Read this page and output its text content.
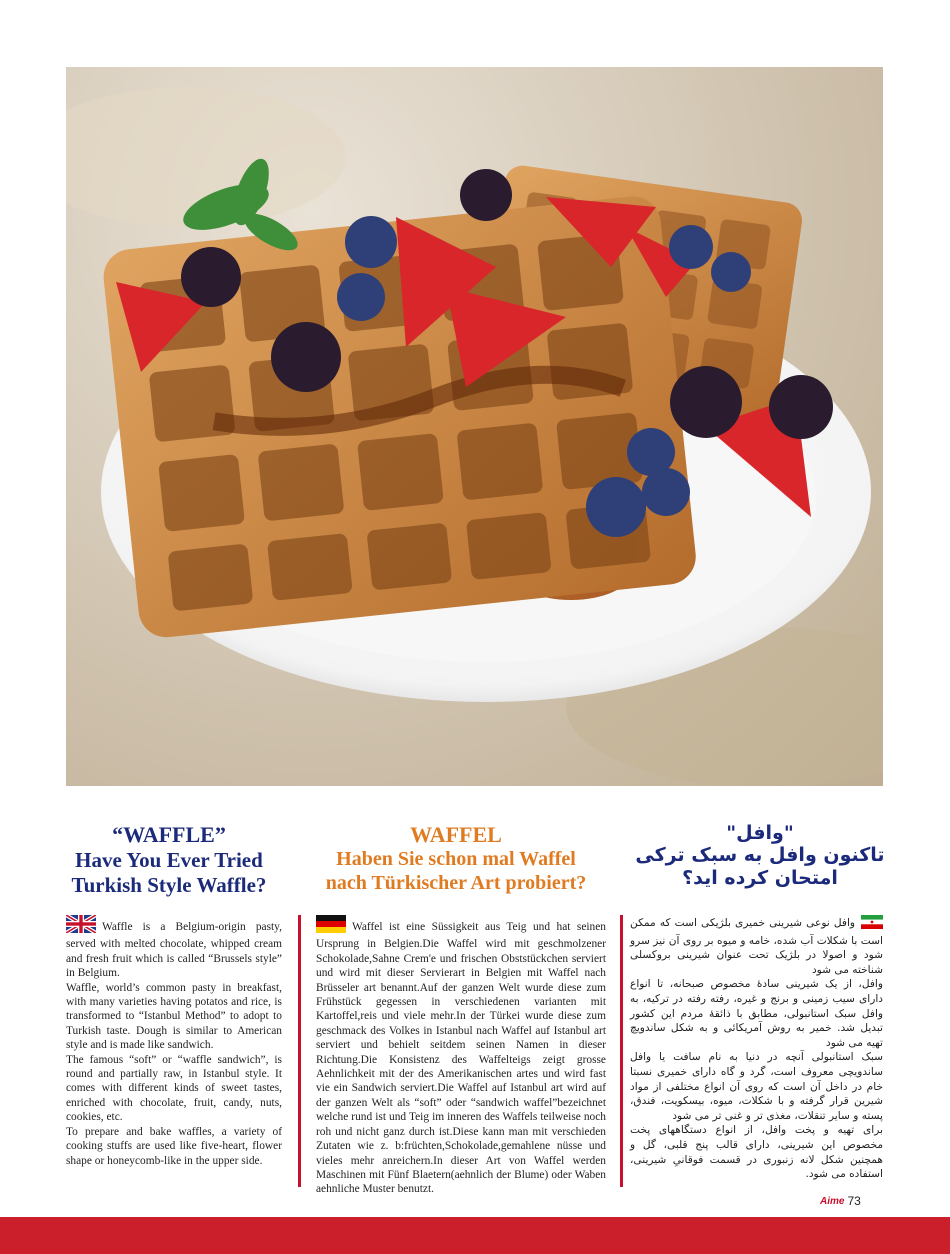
“WAFFLE”
Have You Ever Tried
Turkish Style Waffle?
WAFFEL
Haben Sie schon mal Waffel
nach Türkischer Art probiert?
"وافل"
تاکنون وافل به سبک ترکی امتحان کرده اید؟

Waffle is a Belgium-origin pasty, served with melted chocolate, whipped cream and fresh fruit which is called “Brussels style” in Belgium.

Waffle, world’s common pasty in breakfast, with many varieties having potatos and rice, is transformed to “Istanbul Method” to adopt to Turkish taste. Dough is similar to American style and is made like sandwich.

The famous “soft” or “waffle sandwich”, is round and partially raw, in Istanbul style. It comes with different kinds of sweet tastes, enriched with chocolate, fruit, candy, nuts, cookies, etc.

To prepare and bake waffles, a variety of cooking stuffs are used like five-heart, flower shape or honeycomb-like in the upper side.

Waffel ist eine Süssigkeit aus Teig und hat seinen Ursprung in Belgien.Die Waffel wird mit geschmolzener Schokolade,Sahne Crem'e und frischen Obststückchen serviert und wird mit dieser Servierart in Belgien mit Waffel nach Brüsseler art benannt.Auf der ganzen Welt wurde diese zum Frühstück gegessen in verschiedenen varianten mit Kartoffel,reis und viele mehr.In der Türkei wurde diese zum geschmack des Volkes in Istanbul nach Waffel auf Istanbul art serviert und behielt seitdem seinen Namen in dieser Richtung.Die Konsistenz des Waffelteigs zeigt grosse Aehnlichkeit mit der des Amerikanischen artes und wird fast vie ein Sandwich serviert.Die Waffel auf Istanbul art wird auf der ganzen Welt als “soft” oder “sandwich waffel”bezeichnet welche rund ist und Teig im inneren des Waffels teilweise noch roh und nicht ganz durch ist.Diese kann man mit verschieden Zutaten wie z. b:früchten,Schokolade,gemahlene nüsse und vieles mehr anreichern.In dieser Art von Waffel werden Maschinen mit Fünf Blaetern(aehnlich der Blume) oder Waben aehnliche Muster benutzt.

وافل نوعی شیرینی خمیری بلژیکی است که ممکن است با شکلات آب شده، خامه و میوه بر روی آن نیز سرو شود و اصولا در بلژیک تحت عنوان شیرینی بروکسلی شناخته می شود

وافل، از یک شیرینی سادۀ مخصوص صبحانه، تا انواع دارای سیب زمینی و برنج و غیره، رفته رفته در ترکیه، به وافل سبک استانبولی، مطابق با ذائقۀ مردم این کشور تبدیل شد. خمیر به روش آمریکائی و به شکل ساندویچ تهیه می شود

سبک استانبولی آنچه در دنیا به نام سافت یا وافل ساندویچی معروف است، گرد و گاه دارای خمیری نسبتا خام در داخل آن است که روی آن انواع مختلفی از مواد شیرین قرار گرفته و با شکلات، میوه، بیسکویت، فندق، پسته و سایر تنقلات، مغذی تر و غنی تر می شود

برای تهیه و پخت وافل، از انواع دستگاههای پخت مخصوص این شیرینی، دارای قالب پنج قلبی، گل و همچنین شکل لانه زنبوری در قسمت فوقانیِ شیرینی، استفاده می شود.

Aime 73
